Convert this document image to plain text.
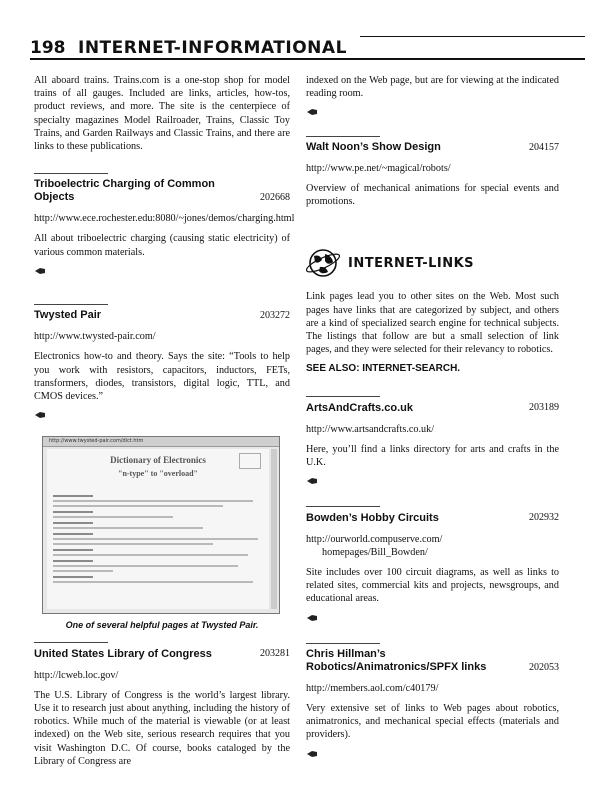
198 INTERNET-INFORMATIONAL

All aboard trains. Trains.com is a one-stop shop for model trains of all gauges. Included are links, articles, how-tos, product reviews, and more. The site is the centerpiece of specialty magazines Model Railroader, Trains, Classic Toy Trains, and Garden Railways and Classic Trains, and there are links to these publications.

Triboelectric Charging of Common Objects	202668
http://www.ece.rochester.edu:8080/~jones/demos/charging.html

All about triboelectric charging (causing static electricity) of various common materials.

Twysted Pair	203272
http://www.twysted-pair.com/

Electronics how-to and theory. Says the site: “Tools to help you work with resistors, capacitors, inductors, FETs, transformers, diodes, transistors, digital logic, TTL, and CMOS devices.”

http://www.twysted-pair.com/dict.htm
Dictionary of Electronics
"n-type" to "overload"
One of several helpful pages at Twysted Pair.
United States Library of Congress	203281
http://lcweb.loc.gov/

The U.S. Library of Congress is the world’s largest library. Use it to research just about anything, including the history of robotics. While much of the material is viewable (or at least indexed) on the Web site, serious research requires that you visit Washington D.C. Of course, books cataloged by the Library of Congress are

indexed on the Web page, but are for viewing at the indicated reading room.

Walt Noon’s Show Design	204157
http://www.pe.net/~magical/robots/

Overview of mechanical animations for special events and promotions.

INTERNET-LINKS

Link pages lead you to other sites on the Web. Most such pages have links that are categorized by subject, and others are a kind of specialized search engine for technical subjects. The listings that follow are but a small selection of link pages, and they were selected for their relevancy to robotics.

SEE ALSO: INTERNET-SEARCH.
ArtsAndCrafts.co.uk	203189
http://www.artsandcrafts.co.uk/

Here, you’ll find a links directory for arts and crafts in the U.K.

Bowden’s Hobby Circuits	202932
http://ourworld.compuserve.com/
homepages/Bill_Bowden/

Site includes over 100 circuit diagrams, as well as links to related sites, commercial kits and projects, newsgroups, and educational areas.

Chris Hillman’s Robotics/Animatronics/SPFX links	202053
http://members.aol.com/c40179/

Very extensive set of links to Web pages about robotics, animatronics, and mechanical special effects (materials and providers).
